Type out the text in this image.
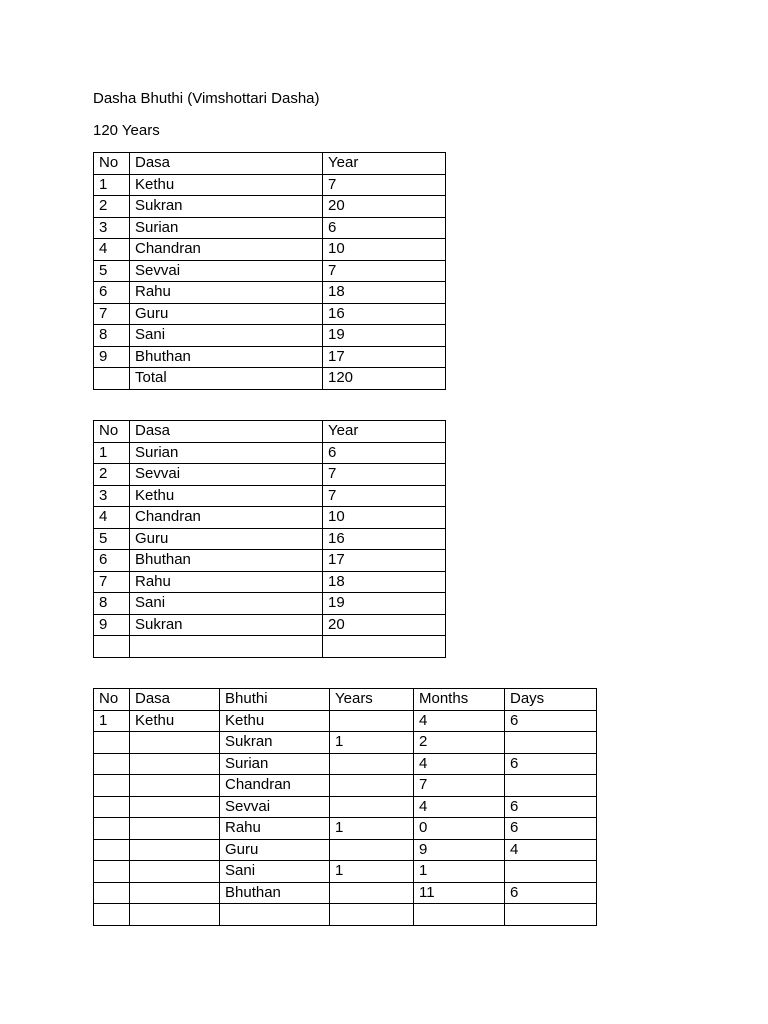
Dasha Bhuthi (Vimshottari Dasha)
120 Years
No	Dasa	Year
1	Kethu	7
2	Sukran	20
3	Surian	6
4	Chandran	10
5	Sevvai	7
6	Rahu	18
7	Guru	16
8	Sani	19
9	Bhuthan	17
	Total	120
No	Dasa	Year
1	Surian	6
2	Sevvai	7
3	Kethu	7
4	Chandran	10
5	Guru	16
6	Bhuthan	17
7	Rahu	18
8	Sani	19
9	Sukran	20

No	Dasa	Bhuthi	Years	Months	Days
1	Kethu	Kethu		4	6
		Sukran	1	2	
		Surian		4	6
		Chandran		7	
		Sevvai		4	6
		Rahu	1	0	6
		Guru		9	4
		Sani	1	1	
		Bhuthan		11	6
